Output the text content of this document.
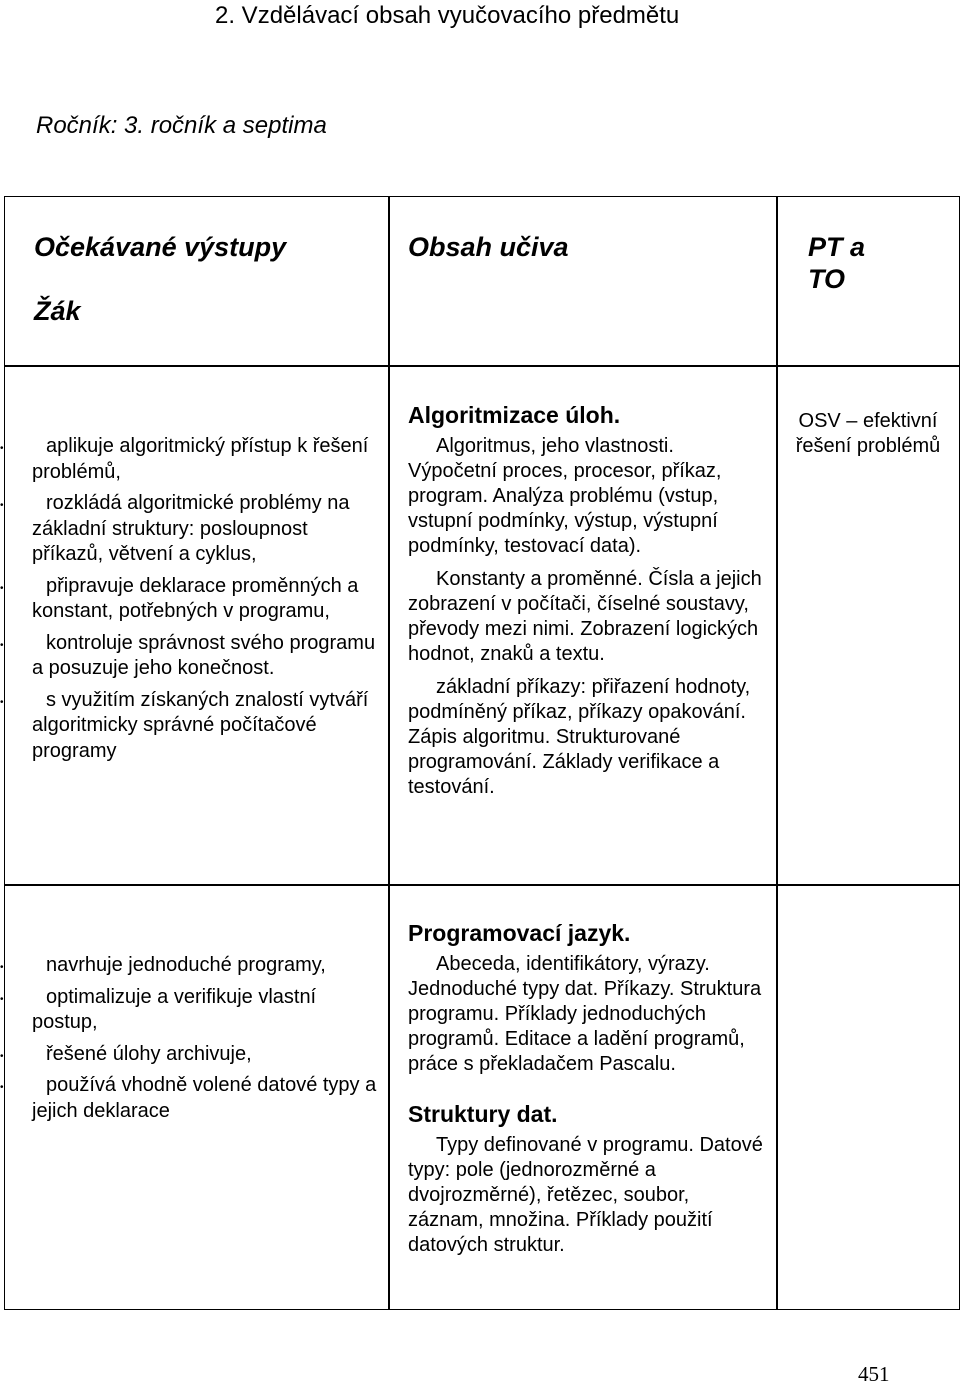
2. Vzdělávací obsah vyučovacího předmětu

Ročník: 3. ročník a septima

Očekávané výstupy
Žák
Obsah učiva	PT a
TO
• aplikuje algoritmický přístup k řešení problémů,
• rozkládá algoritmické problémy na základní struktury: posloupnost příkazů, větvení a cyklus,
• připravuje deklarace proměnných a konstant, potřebných v programu,
• kontroluje správnost svého programu a posuzuje jeho konečnost.
• s využitím získaných znalostí vytváří algoritmicky správné počítačové programy

Algoritmizace úloh.

Algoritmus, jeho vlastnosti. Výpočetní proces, procesor, příkaz, program. Analýza problému (vstup, vstupní podmínky, výstup, výstupní podmínky, testovací data).

Konstanty a proměnné. Čísla a jejich zobrazení v počítači, číselné soustavy, převody mezi nimi. Zobrazení logických hodnot, znaků a textu.

základní příkazy: přiřazení hodnoty, podmíněný příkaz, příkazy opakování. Zápis algoritmu. Strukturované programování. Základy verifikace a testování.

OSV – efektivní řešení problémů
• navrhuje jednoduché programy,
• optimalizuje a verifikuje vlastní postup,
• řešené úlohy archivuje,
• používá vhodně volené datové typy a jejich deklarace

Programovací jazyk.

Abeceda, identifikátory, výrazy. Jednoduché typy dat. Příkazy. Struktura programu. Příklady jednoduchých programů. Editace a ladění programů, práce s překladačem Pascalu.

Struktury dat.

Typy definované v programu. Datové typy: pole (jednorozměrné a dvojrozměrné), řetězec, soubor, záznam, množina. Příklady použití datových struktur.

451
